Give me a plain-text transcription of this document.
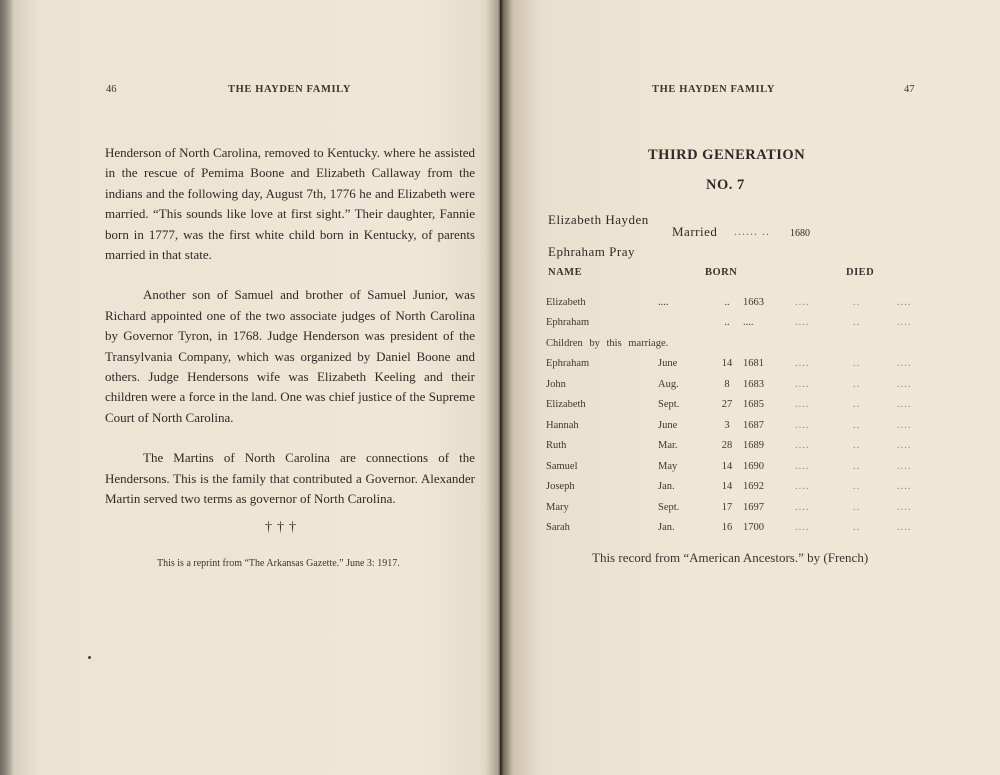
46	THE HAYDEN FAMILY

Henderson of North Carolina, removed to Kentucky. where he assisted in the rescue of Pemima Boone and Elizabeth Callaway from the indians and the following day, August 7th, 1776 he and Elizabeth were married. “This sounds like love at first sight.” Their daughter, Fannie born in 1777, was the first white child born in Kentucky, of parents married in that state.

Another son of Samuel and brother of Samuel Junior, was Richard appointed one of the two associate judges of North Carolina by Governor Tyron, in 1768. Judge Henderson was president of the Transylvania Company, which was organized by Daniel Boone and others. Judge Hendersons wife was Elizabeth Keeling and their children were a force in the land. One was chief justice of the Supreme Court of North Carolina.

The Martins of North Carolina are connections of the Hendersons. This is the family that contributed a Governor. Alexander Martin served two terms as governor of North Carolina.

†††
This is a reprint from “The Arkansas Gazette.” June 3: 1917.
THE HAYDEN FAMILY	47
THIRD GENERATION
NO. 7
Elizabeth Hayden
Ephraham Pray
Married ...... .. 1680
NAME	BORN	DIED
Elizabeth	....	..	1663	....	..	....
Ephraham		..	....	....	..	....
Children by this marriage.						
Ephraham	June	14	1681	....	..	....
John	Aug.	8	1683	....	..	....
Elizabeth	Sept.	27	1685	....	..	....
Hannah	June	3	1687	....	..	....
Ruth	Mar.	28	1689	....	..	....
Samuel	May	14	1690	....	..	....
Joseph	Jan.	14	1692	....	..	....
Mary	Sept.	17	1697	....	..	....
Sarah	Jan.	16	1700	....	..	....
This record from “American Ancestors.” by (French)
